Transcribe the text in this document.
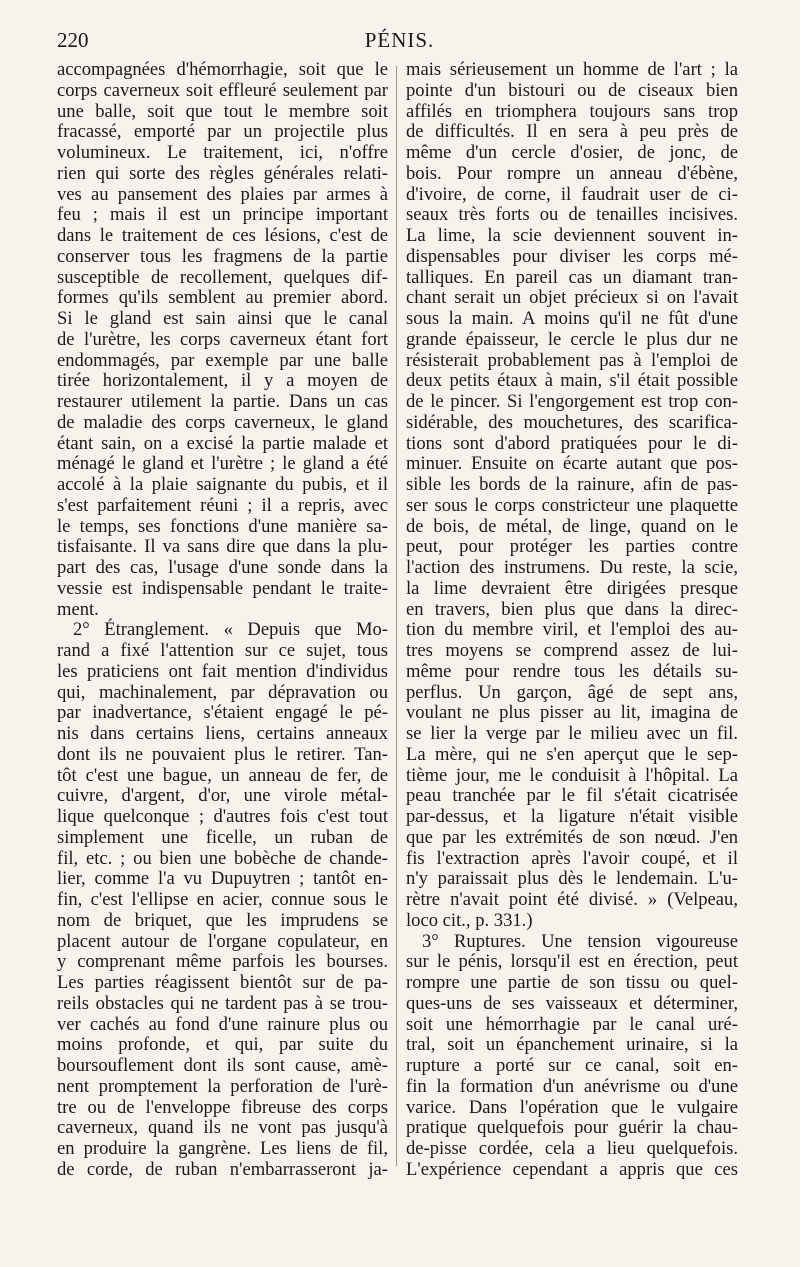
220	PÉNIS.
accompagnées d'hémorrhagie, soit que le
corps caverneux soit effleuré seulement par
une balle, soit que tout le membre soit
fracassé, emporté par un projectile plus
volumineux. Le traitement, ici, n'offre
rien qui sorte des règles générales relati-
ves au pansement des plaies par armes à
feu ; mais il est un principe important
dans le traitement de ces lésions, c'est de
conserver tous les fragmens de la partie
susceptible de recollement, quelques dif-
formes qu'ils semblent au premier abord.
Si le gland est sain ainsi que le canal
de l'urètre, les corps caverneux étant fort
endommagés, par exemple par une balle
tirée horizontalement, il y a moyen de
restaurer utilement la partie. Dans un cas
de maladie des corps caverneux, le gland
étant sain, on a excisé la partie malade et
ménagé le gland et l'urètre ; le gland a été
accolé à la plaie saignante du pubis, et il
s'est parfaitement réuni ; il a repris, avec
le temps, ses fonctions d'une manière sa-
tisfaisante. Il va sans dire que dans la plu-
part des cas, l'usage d'une sonde dans la
vessie est indispensable pendant le traite-
ment.
2° Étranglement. « Depuis que Mo-
rand a fixé l'attention sur ce sujet, tous
les praticiens ont fait mention d'individus
qui, machinalement, par dépravation ou
par inadvertance, s'étaient engagé le pé-
nis dans certains liens, certains anneaux
dont ils ne pouvaient plus le retirer. Tan-
tôt c'est une bague, un anneau de fer, de
cuivre, d'argent, d'or, une virole métal-
lique quelconque ; d'autres fois c'est tout
simplement une ficelle, un ruban de
fil, etc. ; ou bien une bobèche de chande-
lier, comme l'a vu Dupuytren ; tantôt en-
fin, c'est l'ellipse en acier, connue sous le
nom de briquet, que les imprudens se
placent autour de l'organe copulateur, en
y comprenant même parfois les bourses.
Les parties réagissent bientôt sur de pa-
reils obstacles qui ne tardent pas à se trou-
ver cachés au fond d'une rainure plus ou
moins profonde, et qui, par suite du
boursouflement dont ils sont cause, amè-
nent promptement la perforation de l'urè-
tre ou de l'enveloppe fibreuse des corps
caverneux, quand ils ne vont pas jusqu'à
en produire la gangrène. Les liens de fil,
de corde, de ruban n'embarrasseront ja-
mais sérieusement un homme de l'art ; la
pointe d'un bistouri ou de ciseaux bien
affilés en triomphera toujours sans trop
de difficultés. Il en sera à peu près de
même d'un cercle d'osier, de jonc, de
bois. Pour rompre un anneau d'ébène,
d'ivoire, de corne, il faudrait user de ci-
seaux très forts ou de tenailles incisives.
La lime, la scie deviennent souvent in-
dispensables pour diviser les corps mé-
talliques. En pareil cas un diamant tran-
chant serait un objet précieux si on l'avait
sous la main. A moins qu'il ne fût d'une
grande épaisseur, le cercle le plus dur ne
résisterait probablement pas à l'emploi de
deux petits étaux à main, s'il était possible
de le pincer. Si l'engorgement est trop con-
sidérable, des mouchetures, des scarifica-
tions sont d'abord pratiquées pour le di-
minuer. Ensuite on écarte autant que pos-
sible les bords de la rainure, afin de pas-
ser sous le corps constricteur une plaquette
de bois, de métal, de linge, quand on le
peut, pour protéger les parties contre
l'action des instrumens. Du reste, la scie,
la lime devraient être dirigées presque
en travers, bien plus que dans la direc-
tion du membre viril, et l'emploi des au-
tres moyens se comprend assez de lui-
même pour rendre tous les détails su-
perflus. Un garçon, âgé de sept ans,
voulant ne plus pisser au lit, imagina de
se lier la verge par le milieu avec un fil.
La mère, qui ne s'en aperçut que le sep-
tième jour, me le conduisit à l'hôpital. La
peau tranchée par le fil s'était cicatrisée
par-dessus, et la ligature n'était visible
que par les extrémités de son nœud. J'en
fis l'extraction après l'avoir coupé, et il
n'y paraissait plus dès le lendemain. L'u-
rètre n'avait point été divisé. » (Velpeau,
loco cit., p. 331.)
3° Ruptures. Une tension vigoureuse
sur le pénis, lorsqu'il est en érection, peut
rompre une partie de son tissu ou quel-
ques-uns de ses vaisseaux et déterminer,
soit une hémorrhagie par le canal uré-
tral, soit un épanchement urinaire, si la
rupture a porté sur ce canal, soit en-
fin la formation d'un anévrisme ou d'une
varice. Dans l'opération que le vulgaire
pratique quelquefois pour guérir la chau-
de-pisse cordée, cela a lieu quelquefois.
L'expérience cependant a appris que ces
